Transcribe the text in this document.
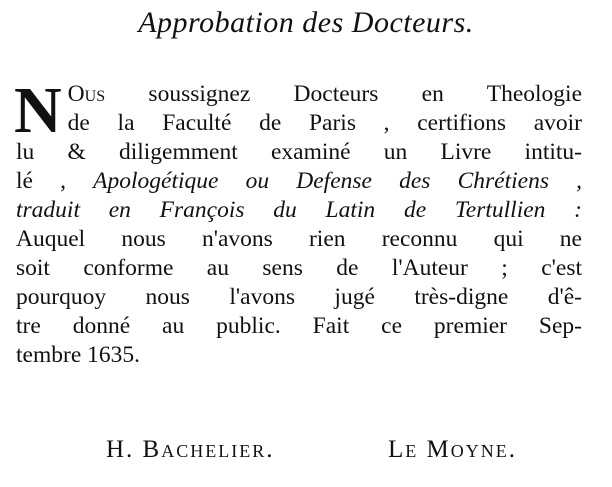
Approbation des Docteurs.
N Ous soussignez Docteurs en Theologie
de la Faculté de Paris , certifions avoir
lu & diligemment examiné un Livre intitu-
lé , Apologétique ou Defense des Chrétiens ,
traduit en François du Latin de Tertullien :
Auquel nous n'avons rien reconnu qui ne
soit conforme au sens de l'Auteur ; c'est
pourquoy nous l'avons jugé très-digne d'ê-
tre donné au public. Fait ce premier Sep-
tembre 1635.
H. Bachelier.	Le Moyne.
